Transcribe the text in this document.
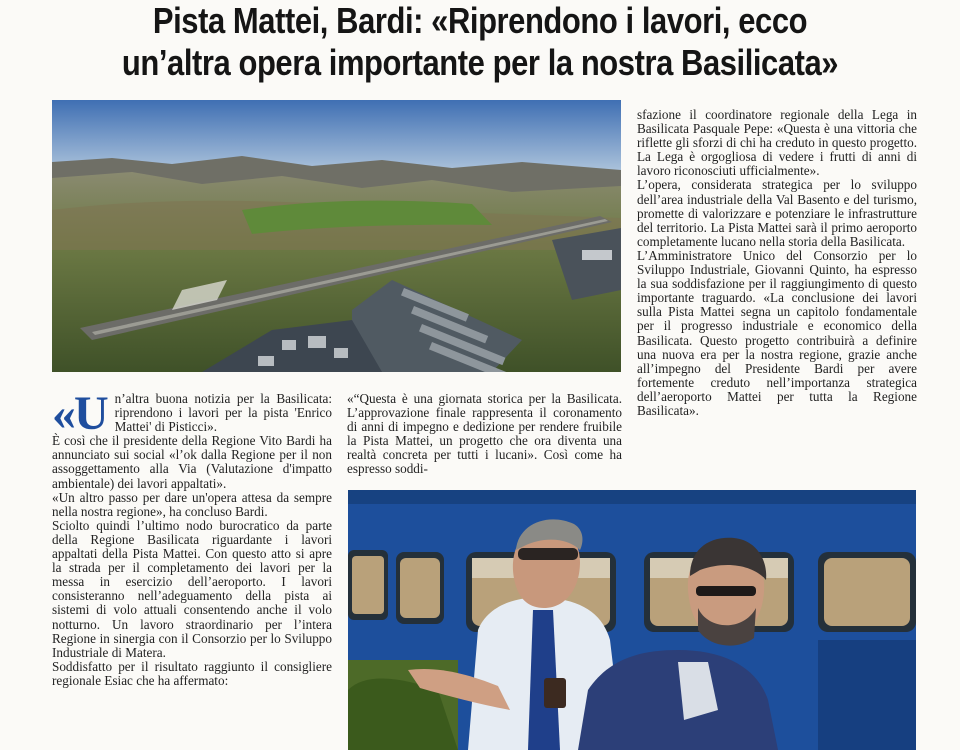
Pista Mattei, Bardi: «Riprendono i lavori, ecco
un’altra opera importante per la nostra Basilicata»

«Un’altra buona notizia per la Basilicata: riprendono i lavori per la pista 'Enrico Mattei' di Pisticci».

È così che il presidente della Regione Vito Bardi ha annunciato sui social «l’ok dalla Regione per il non assoggettamento alla Via (Valutazione d'impatto ambientale) dei lavori appaltati».

«Un altro passo per dare un'opera attesa da sempre nella nostra regione», ha concluso Bardi.

Sciolto quindi l’ultimo nodo burocratico da parte della Regione Basilicata riguardante i lavori appaltati della Pista Mattei. Con questo atto si apre la strada per il completamento dei lavori per la messa in esercizio dell’aeroporto. I lavori consisteranno nell’adeguamento della pista ai sistemi di volo attuali consentendo anche il volo notturno. Un lavoro straordinario per l’intera Regione in sinergia con il Consorzio per lo Sviluppo Industriale di Matera.

Soddisfatto per il risultato raggiunto il consigliere regionale Esiac che ha affermato:

«“Questa è una giornata storica per la Basilicata. L’approvazione finale rappresenta il coronamento di anni di impegno e dedizione per rendere fruibile la Pista Mattei, un progetto che ora diventa una realtà concreta per tutti i lucani». Così come ha espresso soddi-

sfazione il coordinatore regionale della Lega in Basilicata Pasquale Pepe: «Questa è una vittoria che riflette gli sforzi di chi ha creduto in questo progetto. La Lega è orgogliosa di vedere i frutti di anni di lavoro riconosciuti ufficialmente».

L’opera, considerata strategica per lo sviluppo dell’area industriale della Val Basento e del turismo, promette di valorizzare e potenziare le infrastrutture del territorio. La Pista Mattei sarà il primo aeroporto completamente lucano nella storia della Basilicata.

L’Amministratore Unico del Consorzio per lo Sviluppo Industriale, Giovanni Quinto, ha espresso la sua soddisfazione per il raggiungimento di questo importante traguardo. «La conclusione dei lavori sulla Pista Mattei segna un capitolo fondamentale per il progresso industriale e economico della Basilicata. Questo progetto contribuirà a definire una nuova era per la nostra regione, grazie anche all’impegno del Presidente Bardi per avere fortemente creduto nell’importanza strategica dell’aeroporto Mattei per tutta la Regione Basilicata».
